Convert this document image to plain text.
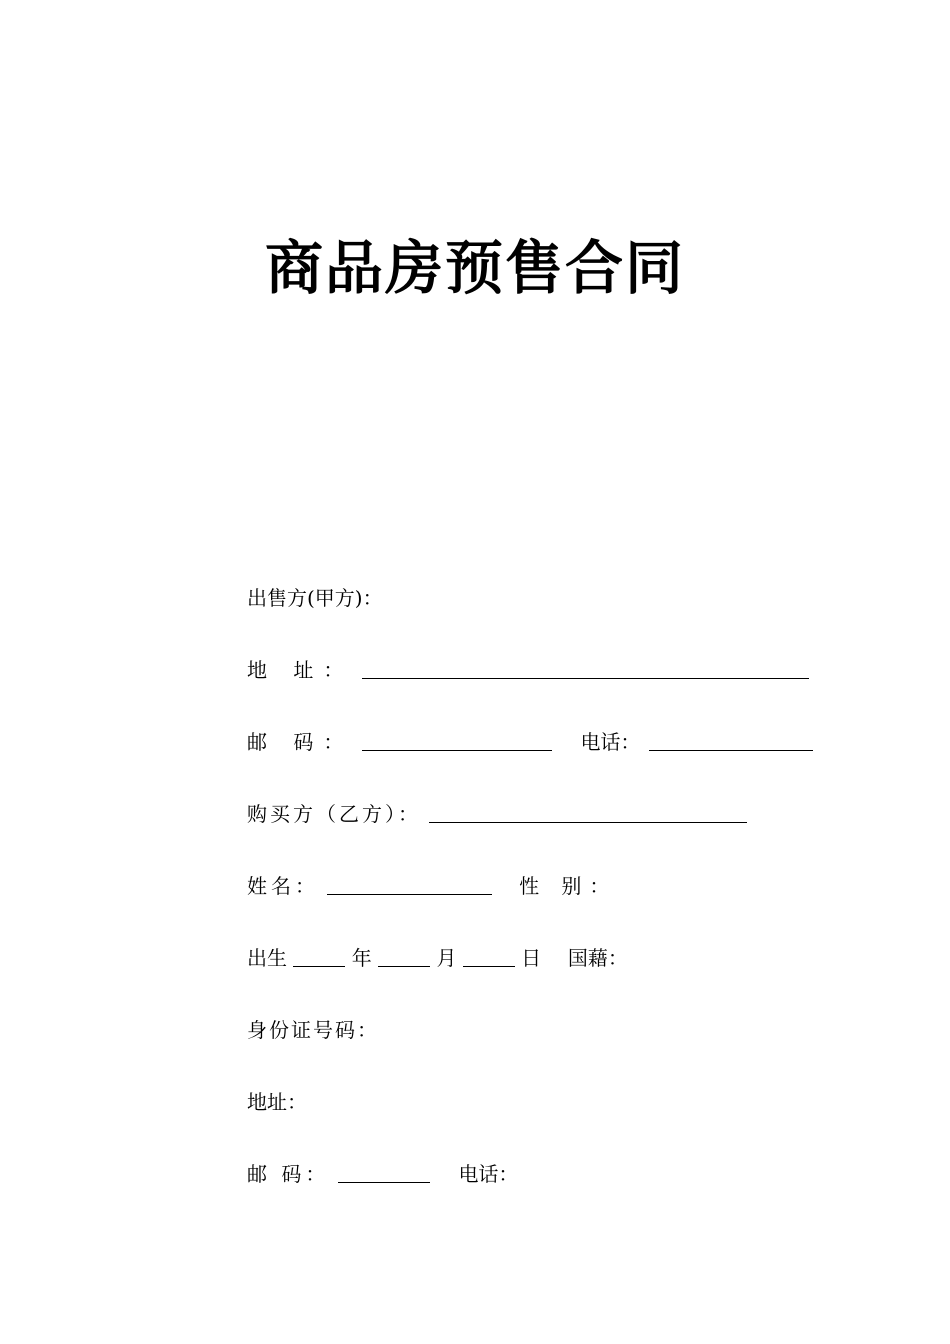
商品房预售合同
出售方(甲方)：
地 址：
邮 码：	电话：
购买方（乙方）：
姓名：	性 别：
出生	年	月	日 国藉：
身份证号码：
地址：
邮 码：	电话：
